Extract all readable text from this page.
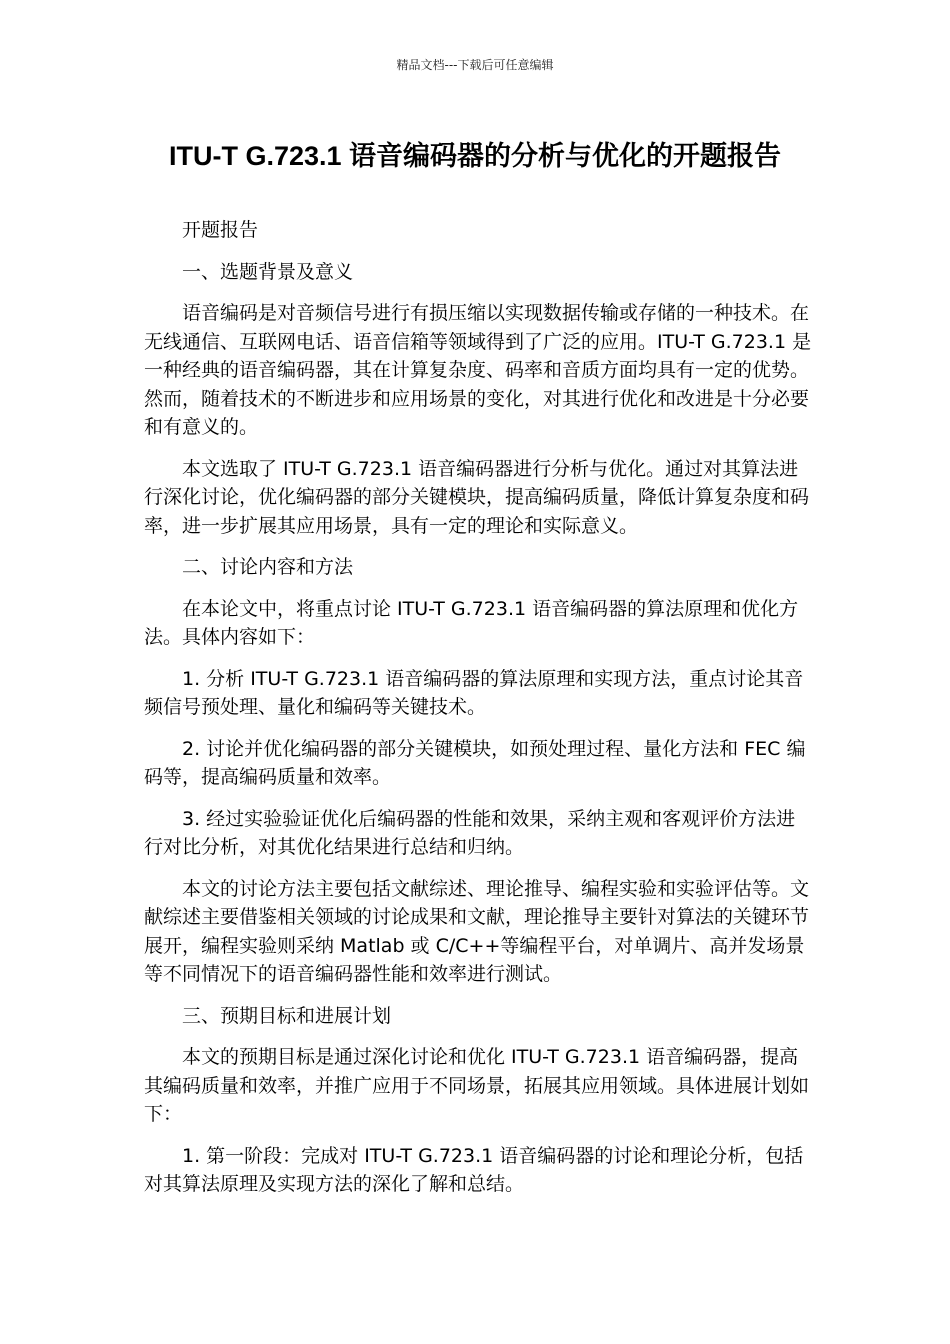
精品文档---下载后可任意编辑
ITU-T G.723.1 语音编码器的分析与优化的开题报告

开题报告

一、选题背景及意义

语音编码是对音频信号进行有损压缩以实现数据传输或存储的一种技术。在无线通信、互联网电话、语音信箱等领域得到了广泛的应用。ITU-T G.723.1 是一种经典的语音编码器，其在计算复杂度、码率和音质方面均具有一定的优势。然而，随着技术的不断进步和应用场景的变化，对其进行优化和改进是十分必要和有意义的。

本文选取了 ITU-T G.723.1 语音编码器进行分析与优化。通过对其算法进行深化讨论，优化编码器的部分关键模块，提高编码质量，降低计算复杂度和码率，进一步扩展其应用场景，具有一定的理论和实际意义。

二、讨论内容和方法

在本论文中，将重点讨论 ITU-T G.723.1 语音编码器的算法原理和优化方法。具体内容如下：

1. 分析 ITU-T G.723.1 语音编码器的算法原理和实现方法，重点讨论其音频信号预处理、量化和编码等关键技术。

2. 讨论并优化编码器的部分关键模块，如预处理过程、量化方法和 FEC 编码等，提高编码质量和效率。

3. 经过实验验证优化后编码器的性能和效果，采纳主观和客观评价方法进行对比分析，对其优化结果进行总结和归纳。

本文的讨论方法主要包括文献综述、理论推导、编程实验和实验评估等。文献综述主要借鉴相关领域的讨论成果和文献，理论推导主要针对算法的关键环节展开，编程实验则采纳 Matlab 或 C/C++等编程平台，对单调片、高并发场景等不同情况下的语音编码器性能和效率进行测试。

三、预期目标和进展计划

本文的预期目标是通过深化讨论和优化 ITU-T G.723.1 语音编码器，提高其编码质量和效率，并推广应用于不同场景，拓展其应用领域。具体进展计划如下：

1. 第一阶段：完成对 ITU-T G.723.1 语音编码器的讨论和理论分析，包括对其算法原理及实现方法的深化了解和总结。
